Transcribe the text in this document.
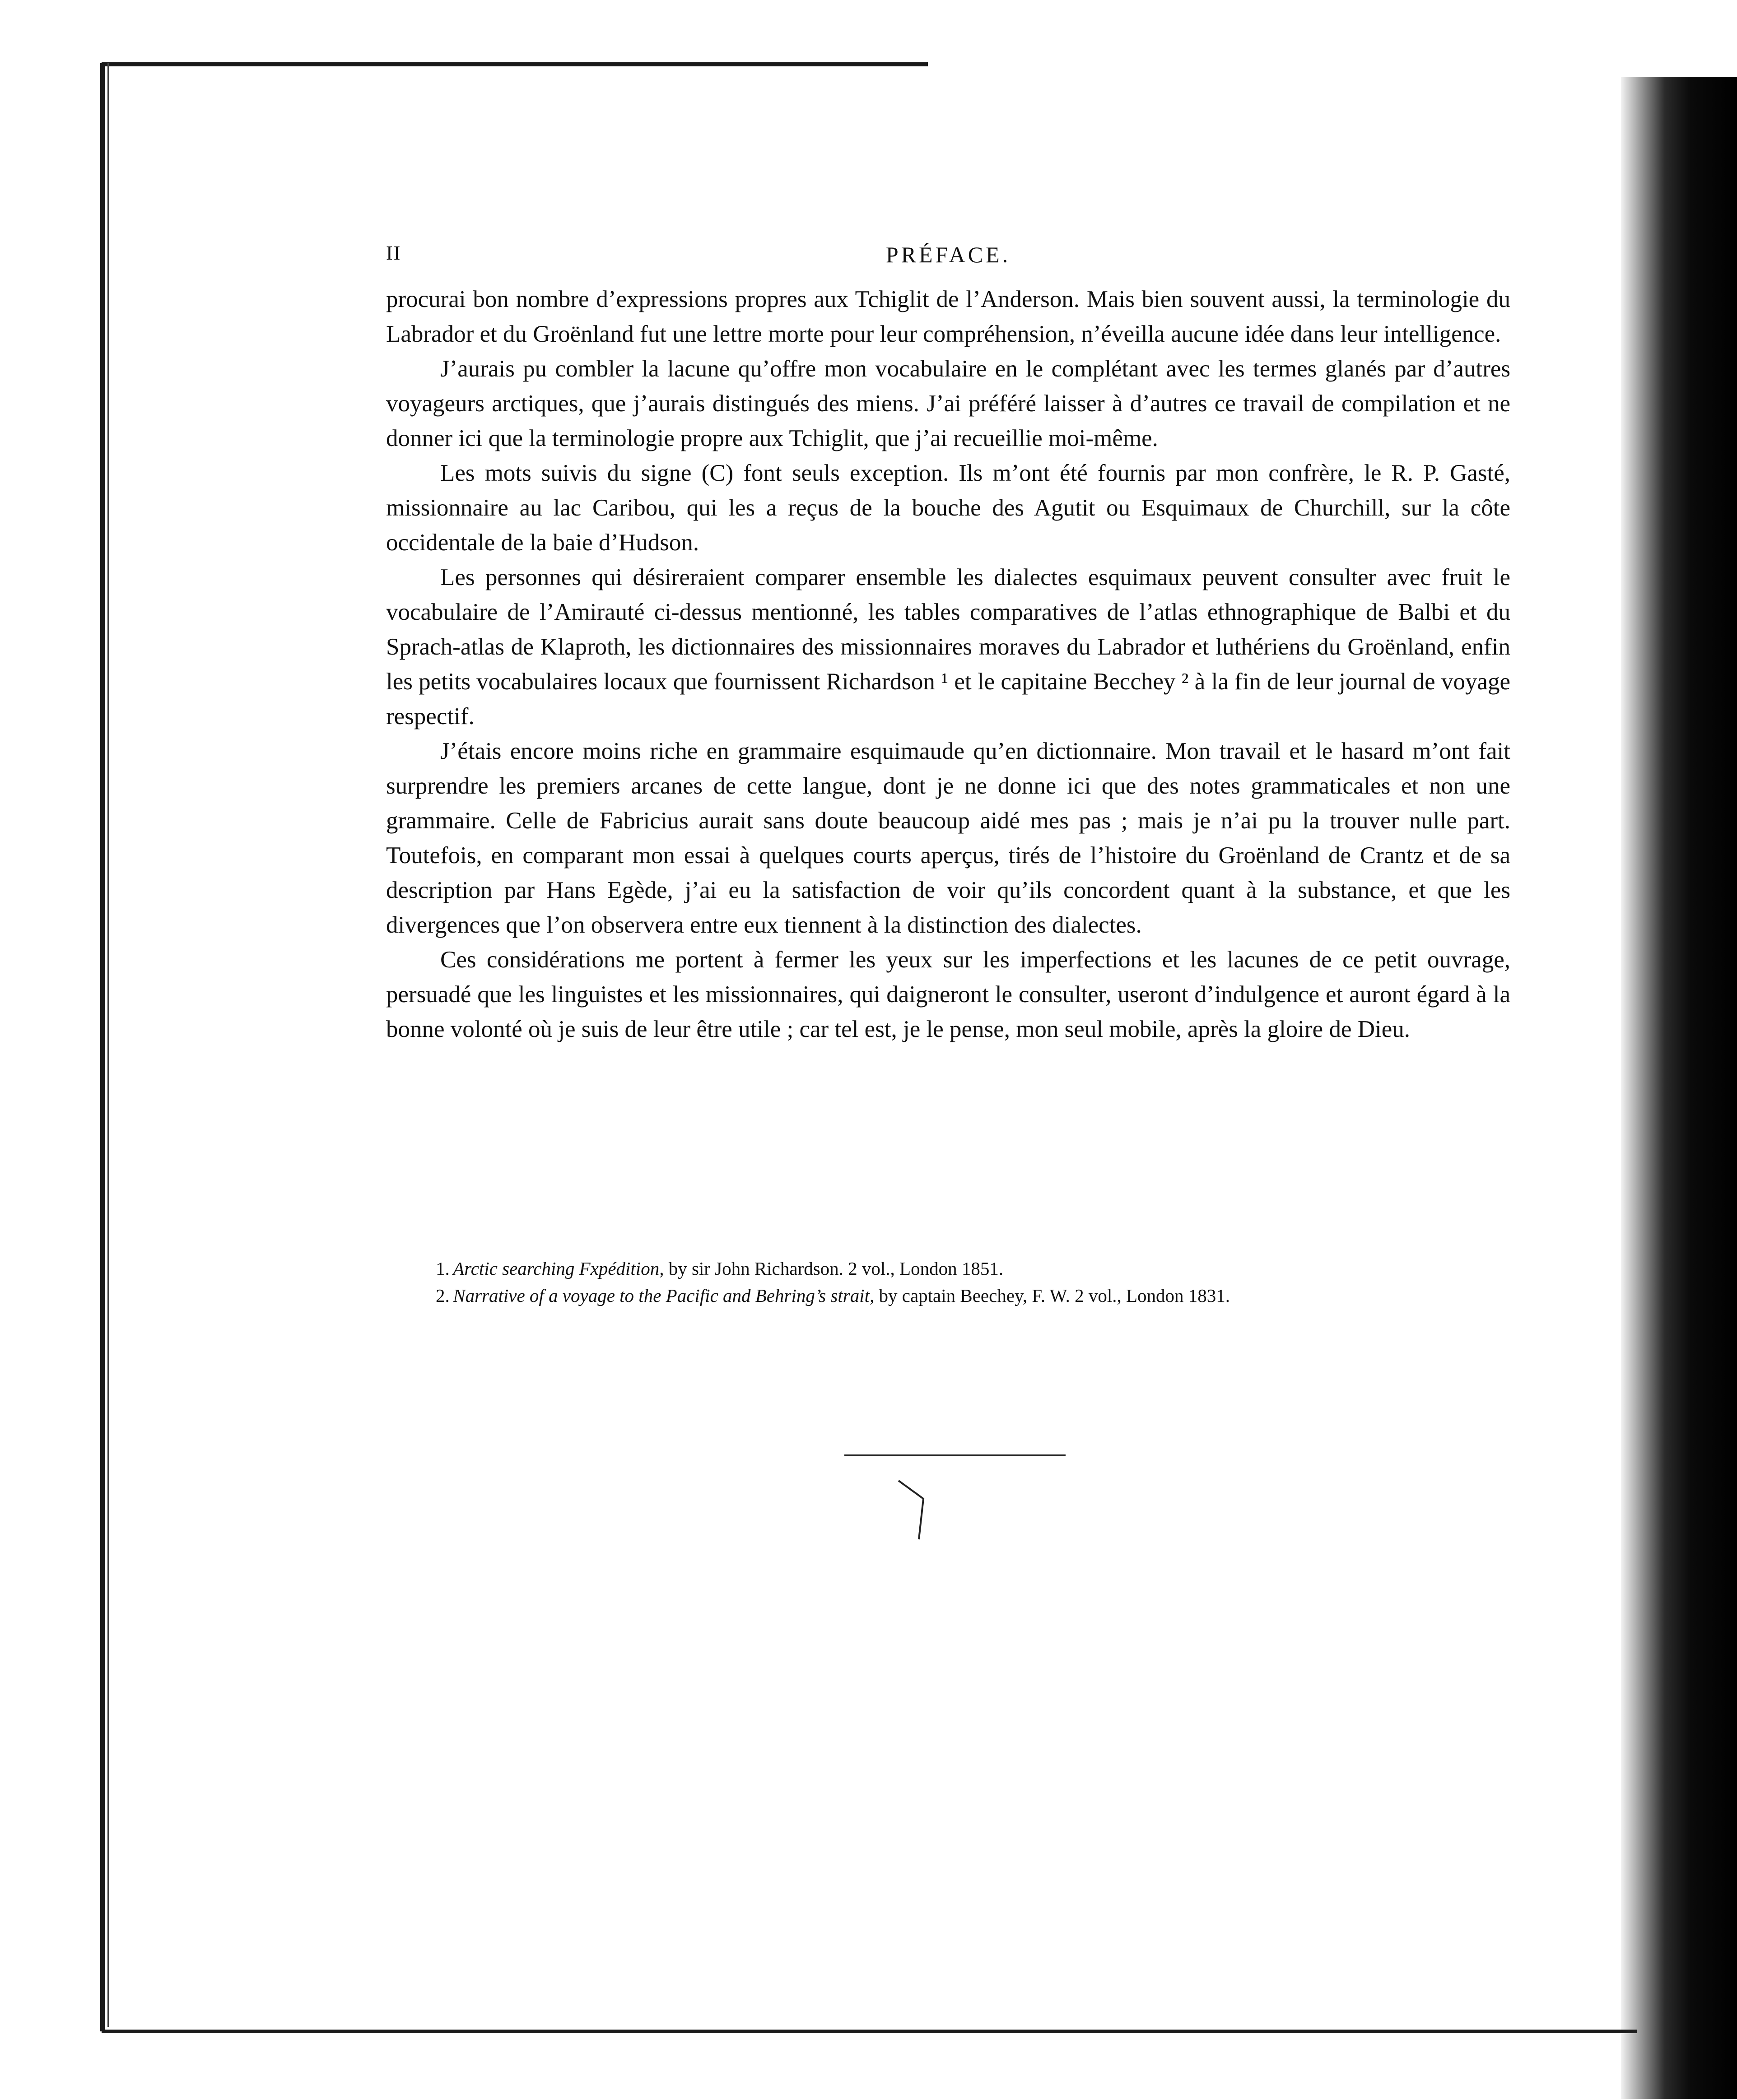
II	PRÉFACE.

procurai bon nombre d’expressions propres aux Tchiglit de l’Anderson. Mais bien souvent aussi, la terminologie du Labrador et du Groënland fut une lettre morte pour leur compréhension, n’éveilla aucune idée dans leur intelligence.

J’aurais pu combler la lacune qu’offre mon vocabulaire en le complétant avec les termes glanés par d’autres voyageurs arctiques, que j’aurais distingués des miens. J’ai préféré laisser à d’autres ce travail de compilation et ne donner ici que la terminologie propre aux Tchiglit, que j’ai recueillie moi-même.

Les mots suivis du signe (C) font seuls exception. Ils m’ont été fournis par mon confrère, le R. P. Gasté, missionnaire au lac Caribou, qui les a reçus de la bouche des Agutit ou Esquimaux de Churchill, sur la côte occidentale de la baie d’Hudson.

Les personnes qui désireraient comparer ensemble les dialectes esquimaux peuvent consulter avec fruit le vocabulaire de l’Amirauté ci-dessus mentionné, les tables comparatives de l’atlas ethnographique de Balbi et du Sprach-atlas de Klaproth, les dictionnaires des missionnaires moraves du Labrador et luthériens du Groënland, enfin les petits vocabulaires locaux que fournissent Richardson ¹ et le capitaine Becchey ² à la fin de leur journal de voyage respectif.

J’étais encore moins riche en grammaire esquimaude qu’en dictionnaire. Mon travail et le hasard m’ont fait surprendre les premiers arcanes de cette langue, dont je ne donne ici que des notes grammaticales et non une grammaire. Celle de Fabricius aurait sans doute beaucoup aidé mes pas ; mais je n’ai pu la trouver nulle part. Toutefois, en comparant mon essai à quelques courts aperçus, tirés de l’histoire du Groënland de Crantz et de sa description par Hans Egède, j’ai eu la satisfaction de voir qu’ils concordent quant à la substance, et que les divergences que l’on observera entre eux tiennent à la distinction des dialectes.

Ces considérations me portent à fermer les yeux sur les imperfections et les lacunes de ce petit ouvrage, persuadé que les linguistes et les missionnaires, qui daigneront le consulter, useront d’indulgence et auront égard à la bonne volonté où je suis de leur être utile ; car tel est, je le pense, mon seul mobile, après la gloire de Dieu.

1. Arctic searching Fxpédition, by sir John Richardson. 2 vol., London 1851.

2. Narrative of a voyage to the Pacific and Behring’s strait, by captain Beechey, F. W. 2 vol., London 1831.
